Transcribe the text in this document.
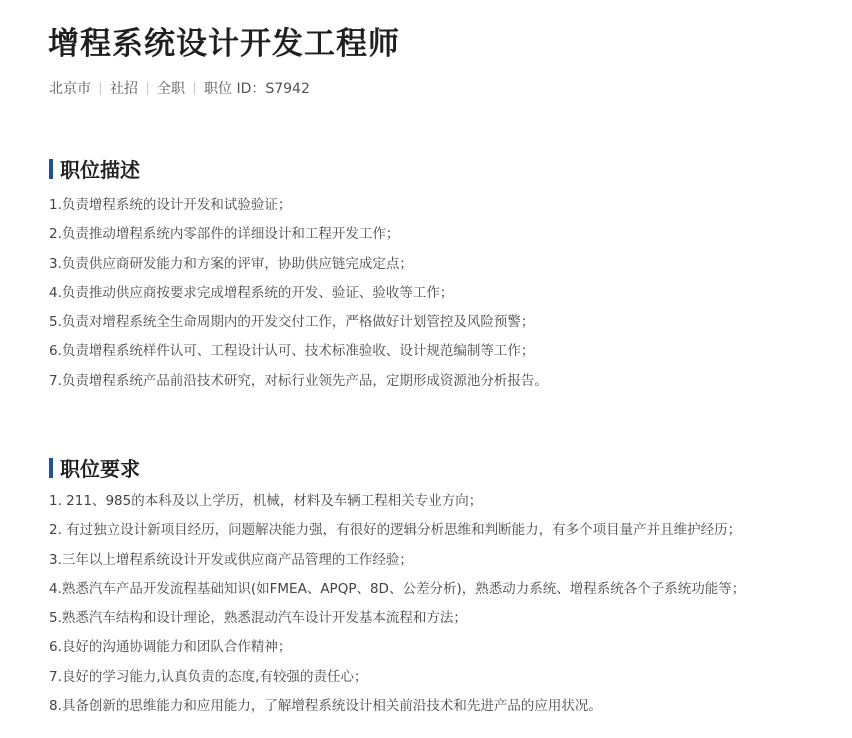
增程系统设计开发工程师
北京市 社招 全职 职位 ID：S7942
职位描述
1.负责增程系统的设计开发和试验验证；
2.负责推动增程系统内零部件的详细设计和工程开发工作；
3.负责供应商研发能力和方案的评审，协助供应链完成定点；
4.负责推动供应商按要求完成增程系统的开发、验证、验收等工作；
5.负责对增程系统全生命周期内的开发交付工作，严格做好计划管控及风险预警；
6.负责增程系统样件认可、工程设计认可、技术标准验收、设计规范编制等工作；
7.负责增程系统产品前沿技术研究，对标行业领先产品，定期形成资源池分析报告。
职位要求
1. 211、985的本科及以上学历，机械，材料及车辆工程相关专业方向；
2. 有过独立设计新项目经历，问题解决能力强，有很好的逻辑分析思维和判断能力，有多个项目量产并且维护经历；
3.三年以上增程系统设计开发或供应商产品管理的工作经验；
4.熟悉汽车产品开发流程基础知识(如FMEA、APQP、8D、公差分析)，熟悉动力系统、增程系统各个子系统功能等；
5.熟悉汽车结构和设计理论，熟悉混动汽车设计开发基本流程和方法；
6.良好的沟通协调能力和团队合作精神；
7.良好的学习能力,认真负责的态度,有较强的责任心；
8.具备创新的思维能力和应用能力，了解增程系统设计相关前沿技术和先进产品的应用状况。
